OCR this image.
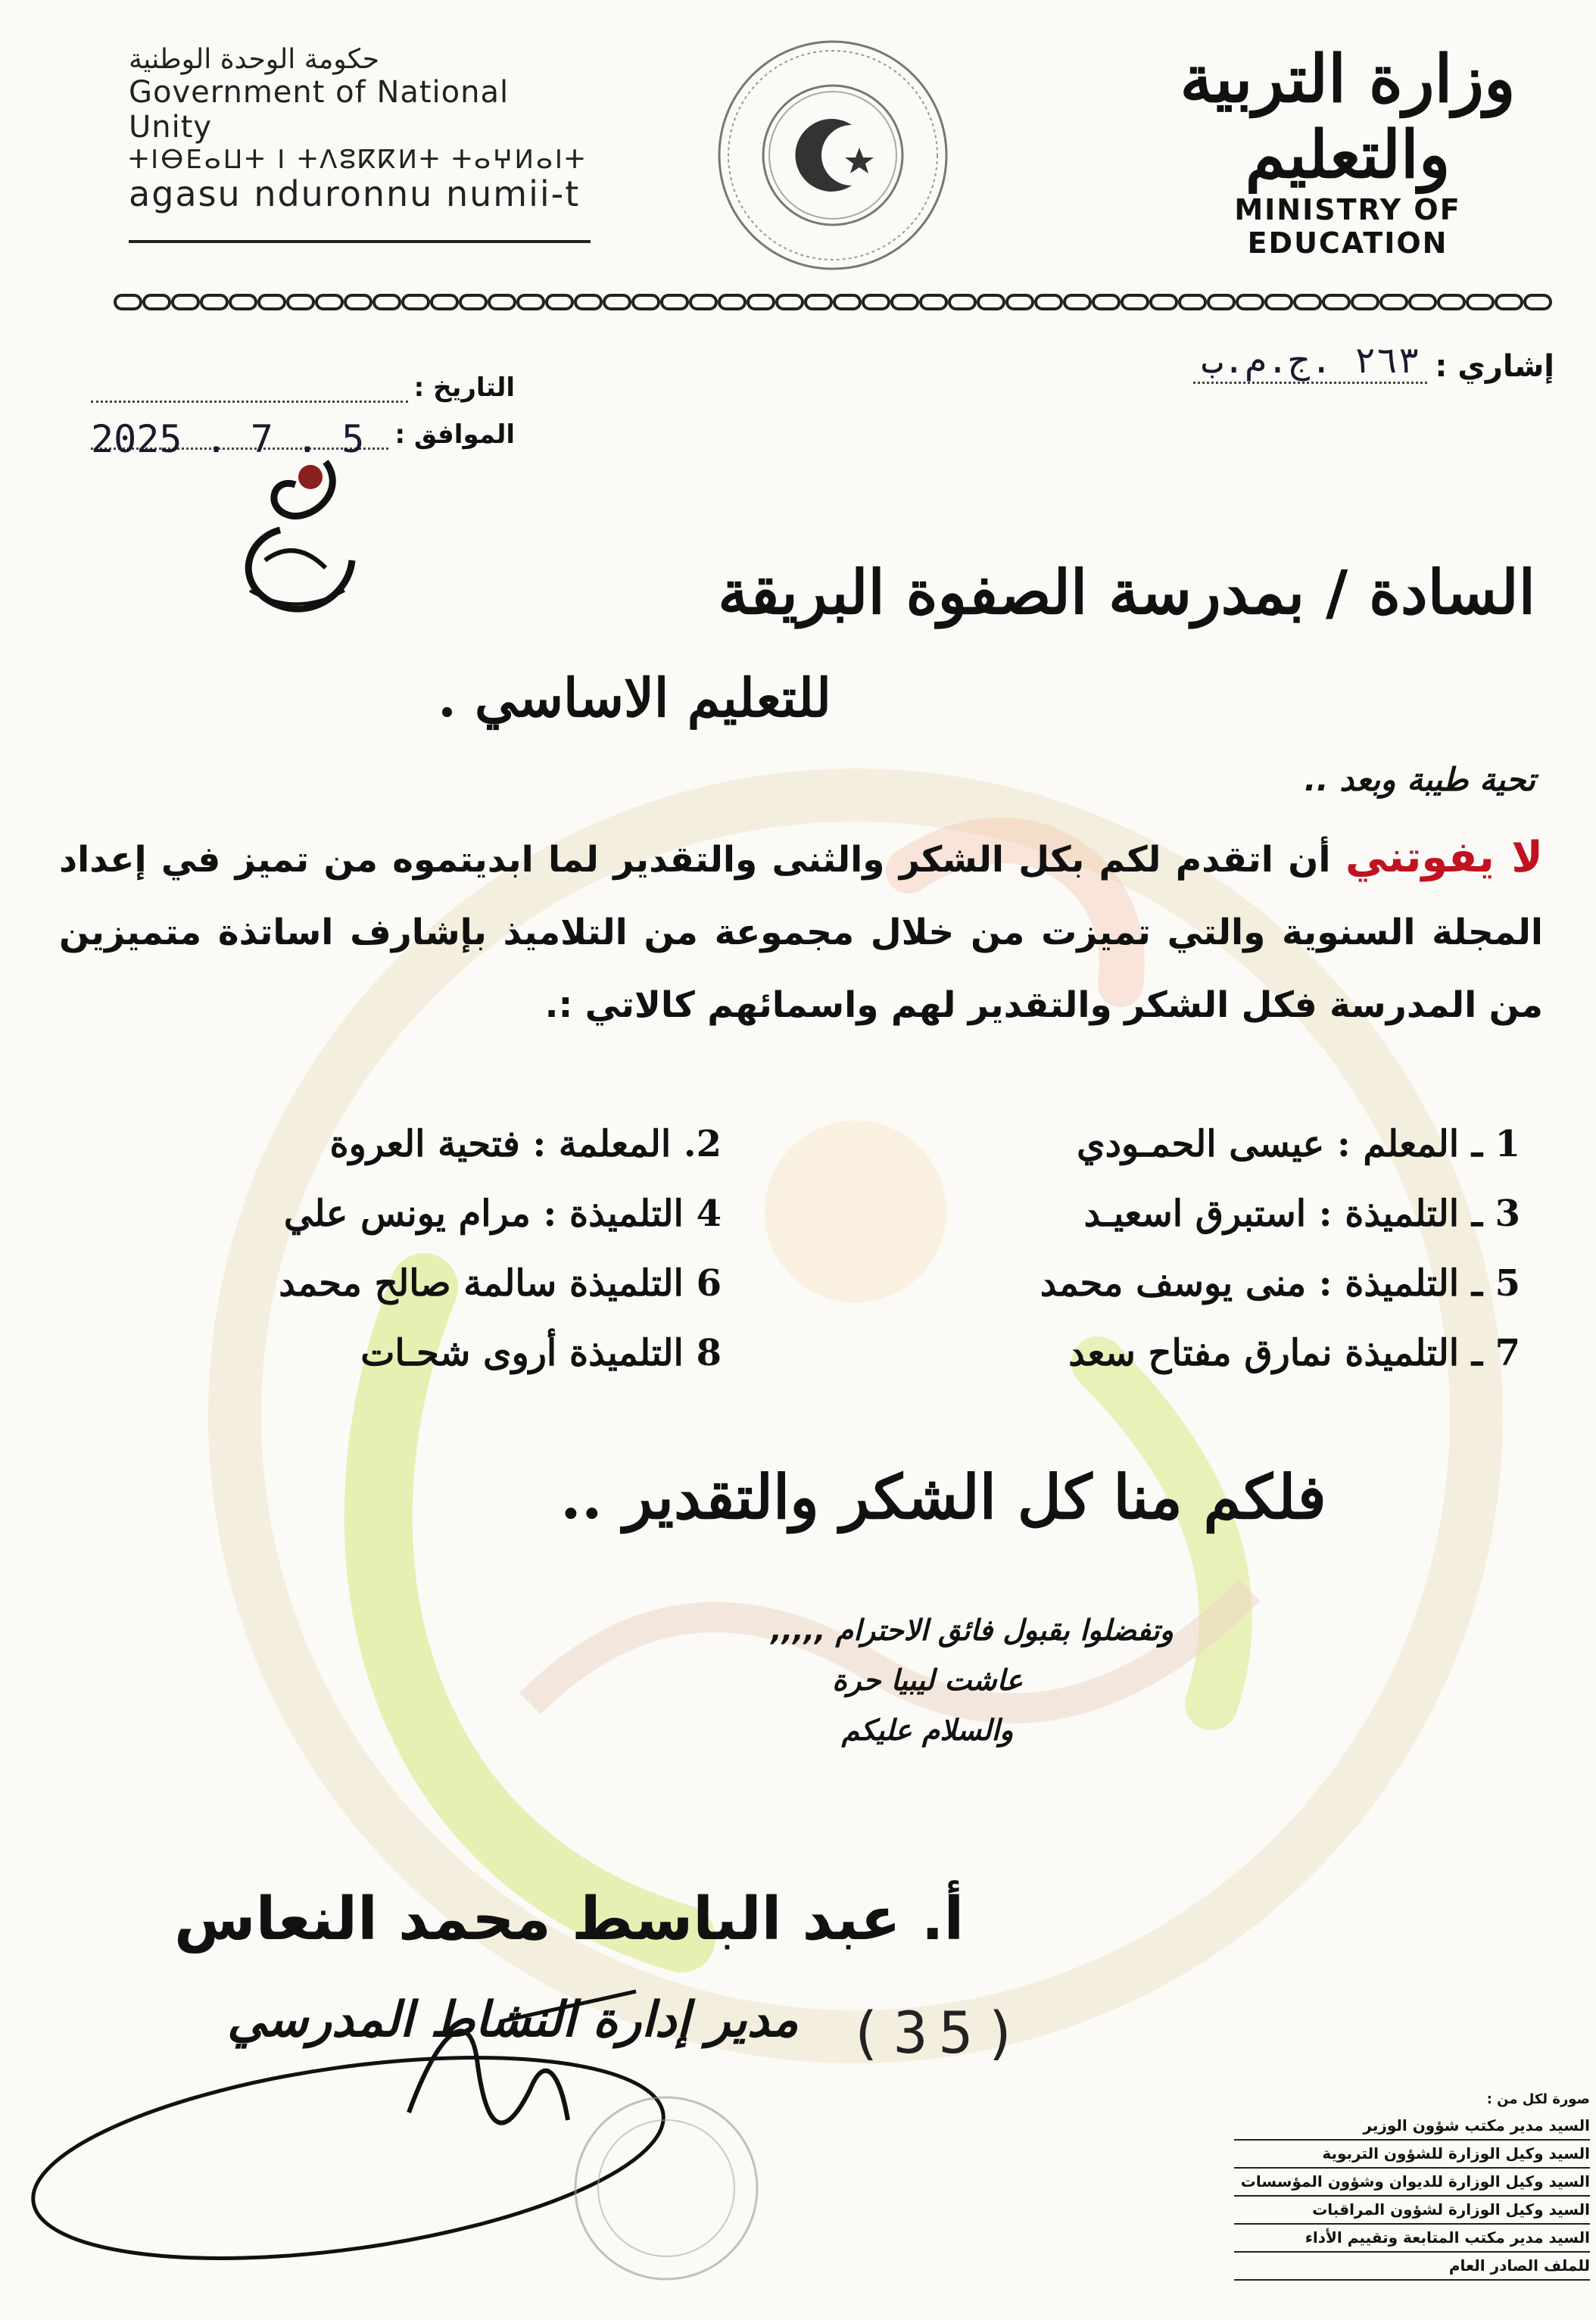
حكومة الوحدة الوطنية
Government of National Unity
ⵜⵏⴱⴹⴰⵡⵜ ⵏ ⵜⴷⵓⴽⴽⵍⵜ ⵜⴰⵖⵍⴰⵏⵜ
agasu nduronnu numii-t
وزارة التربية والتعليم
MINISTRY OF EDUCATION
إشاري :
٢٦٣ .ج.م.ب
التاريخ :
الموافق :
2025 . 7 . 5
السادة / بمدرسة الصفوة البريقة
للتعليم الاساسي .
تحية طيبة وبعد ..
لا يفوتني أن اتقدم لكم بكل الشكر والثنى والتقدير لما ابديتموه من تميز في إعداد المجلة السنوية والتي تميزت من خلال مجموعة من التلاميذ بإشارف اساتذة متميزين من المدرسة فكل الشكر والتقدير لهم واسمائهم كالاتي :.
1 ـ المعلم : عيسى الحمـودي
2. المعلمة : فتحية العروة
3 ـ التلميذة : استبرق اسعيـد
4 التلميذة : مرام يونس علي
5 ـ التلميذة : منى يوسف محمد
6 التلميذة سالمة صالح محمد
7 ـ التلميذة نمارق مفتاح سعد
8 التلميذة أروى شحـات
فلكم منا كل الشكر والتقدير ..
وتفضلوا بقبول فائق الاحترام ,,,,,
عاشت ليبيا حرة
والسلام عليكم
أ. عبد الباسط محمد النعاس
مدير إدارة النشاط المدرسي (35)
صورة لكل من :
السيد مدير مكتب شؤون الوزير
السيد وكيل الوزارة للشؤون التربوية
السيد وكيل الوزارة للديوان وشؤون المؤسسات
السيد وكيل الوزارة لشؤون المراقبات
السيد مدير مكتب المتابعة وتقييم الأداء
للملف الصادر العام
